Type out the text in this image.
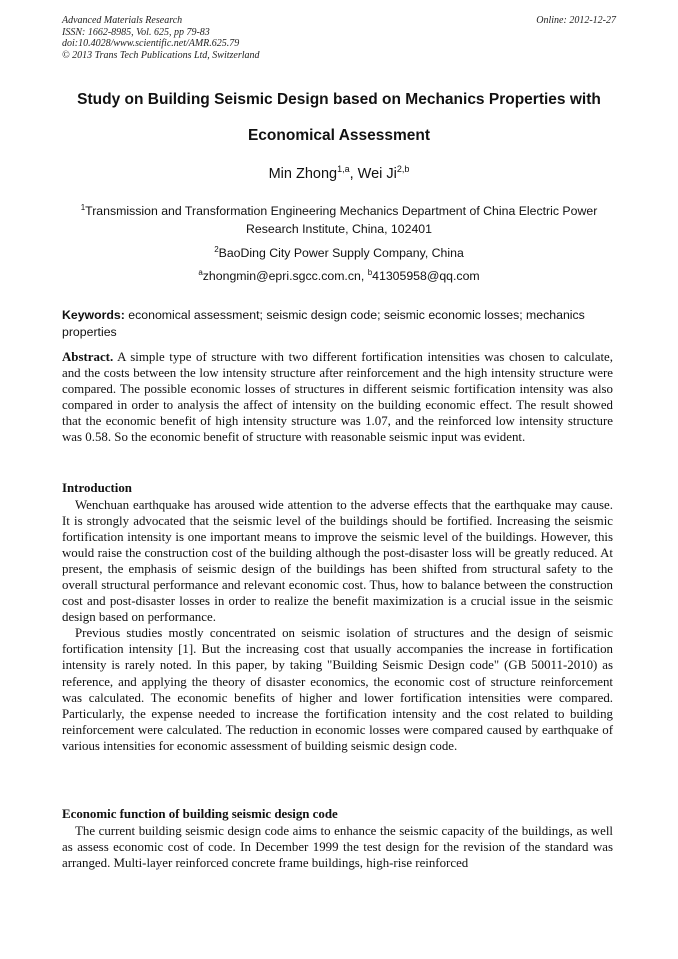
Advanced Materials Research
ISSN: 1662-8985, Vol. 625, pp 79-83
doi:10.4028/www.scientific.net/AMR.625.79
© 2013 Trans Tech Publications Ltd, Switzerland
Online: 2012-12-27
Study on Building Seismic Design based on Mechanics Properties with
Economical Assessment
Min Zhong$^{1,a}$, Wei Ji$^{2,b}$
$^1$Transmission and Transformation Engineering Mechanics Department of China Electric Power Research Institute, China, 102401
$^2$BaoDing City Power Supply Company, China
$^a$zhongmin@epri.sgcc.com.cn, $^b$41305958@qq.com
Keywords: economical assessment; seismic design code; seismic economic losses; mechanics properties
Abstract. A simple type of structure with two different fortification intensities was chosen to calculate, and the costs between the low intensity structure after reinforcement and the high intensity structure were compared. The possible economic losses of structures in different seismic fortification intensity was also compared in order to analysis the affect of intensity on the building economic effect. The result showed that the economic benefit of high intensity structure was 1.07, and the reinforced low intensity structure was 0.58. So the economic benefit of structure with reasonable seismic input was evident.
Introduction

Wenchuan earthquake has aroused wide attention to the adverse effects that the earthquake may cause. It is strongly advocated that the seismic level of the buildings should be fortified. Increasing the seismic fortification intensity is one important means to improve the seismic level of the buildings. However, this would raise the construction cost of the building although the post-disaster loss will be greatly reduced. At present, the emphasis of seismic design of the buildings has been shifted from structural safety to the overall structural performance and relevant economic cost. Thus, how to balance between the construction cost and post-disaster losses in order to realize the benefit maximization is a crucial issue in the seismic design based on performance.

Previous studies mostly concentrated on seismic isolation of structures and the design of seismic fortification intensity [1]. But the increasing cost that usually accompanies the increase in fortification intensity is rarely noted. In this paper, by taking "Building Seismic Design code" (GB 50011-2010) as reference, and applying the theory of disaster economics, the economic cost of structure reinforcement was calculated. The economic benefits of higher and lower fortification intensities were compared. Particularly, the expense needed to increase the fortification intensity and the cost related to building reinforcement were calculated. The reduction in economic losses were compared caused by earthquake of various intensities for economic assessment of building seismic design code.

Economic function of building seismic design code

The current building seismic design code aims to enhance the seismic capacity of the buildings, as well as assess economic cost of code. In December 1999 the test design for the revision of the standard was arranged. Multi-layer reinforced concrete frame buildings, high-rise reinforced
